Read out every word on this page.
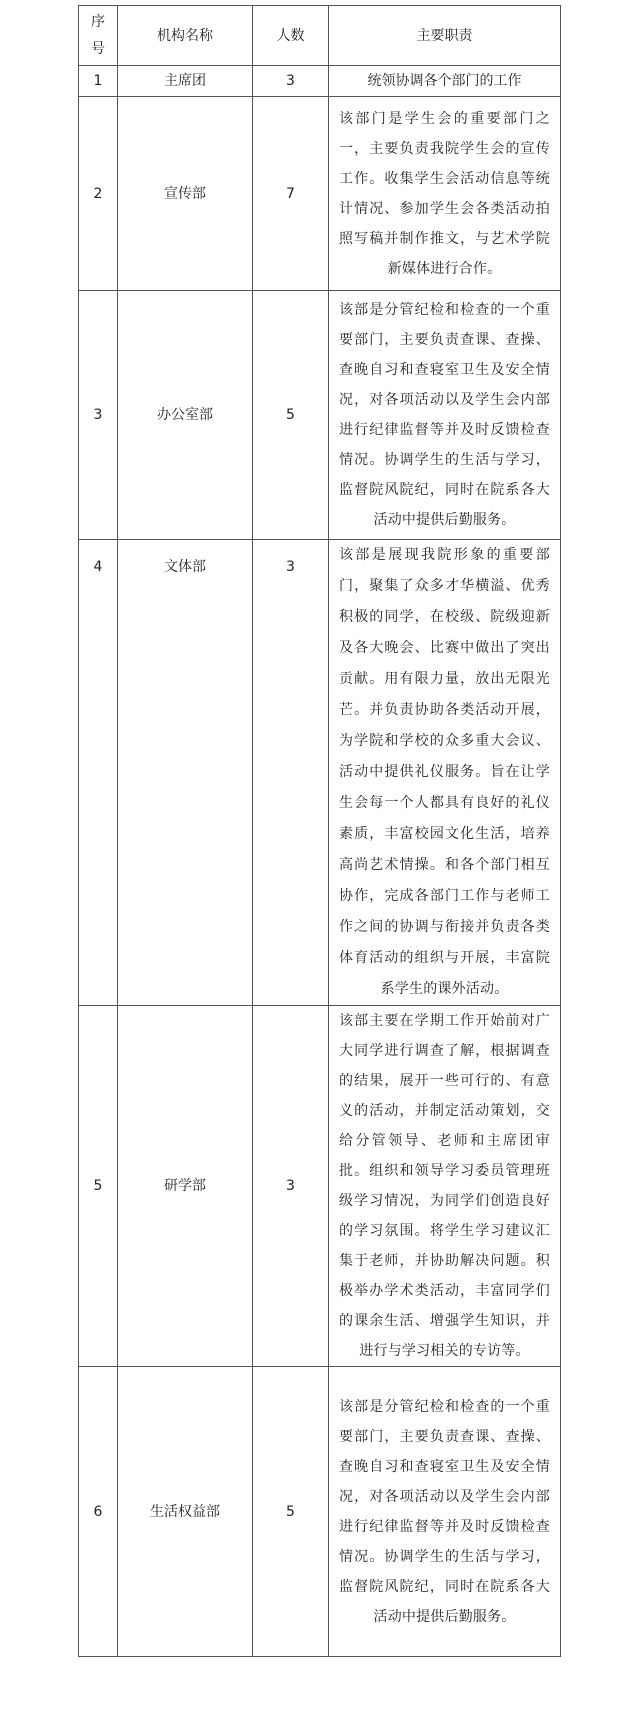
序号	机构名称	人数	主要职责
1	主席团	3	统领协调各个部门的工作
2	宣传部	7	该部门是学生会的重要部门之一，主要负责我院学生会的宣传工作。收集学生会活动信息等统计情况、参加学生会各类活动拍照写稿并制作推文，与艺术学院新媒体进行合作。
3	办公室部	5	该部是分管纪检和检查的一个重要部门，主要负责查课、查操、查晚自习和查寝室卫生及安全情况，对各项活动以及学生会内部进行纪律监督等并及时反馈检查情况。协调学生的生活与学习，监督院风院纪，同时在院系各大活动中提供后勤服务。
4	文体部	3	该部是展现我院形象的重要部门，聚集了众多才华横溢、优秀积极的同学，在校级、院级迎新及各大晚会、比赛中做出了突出贡献。用有限力量，放出无限光芒。并负责协助各类活动开展，为学院和学校的众多重大会议、活动中提供礼仪服务。旨在让学生会每一个人都具有良好的礼仪素质，丰富校园文化生活，培养高尚艺术情操。和各个部门相互协作，完成各部门工作与老师工作之间的协调与衔接并负责各类体育活动的组织与开展，丰富院系学生的课外活动。
5	研学部	3	该部主要在学期工作开始前对广大同学进行调查了解，根据调查的结果，展开一些可行的、有意义的活动，并制定活动策划，交给分管领导、老师和主席团审批。组织和领导学习委员管理班级学习情况，为同学们创造良好的学习氛围。将学生学习建议汇集于老师，并协助解决问题。积极举办学术类活动，丰富同学们的课余生活、增强学生知识，并进行与学习相关的专访等。
6	生活权益部	5	该部是分管纪检和检查的一个重要部门，主要负责查课、查操、查晚自习和查寝室卫生及安全情况，对各项活动以及学生会内部进行纪律监督等并及时反馈检查情况。协调学生的生活与学习，监督院风院纪，同时在院系各大活动中提供后勤服务。
